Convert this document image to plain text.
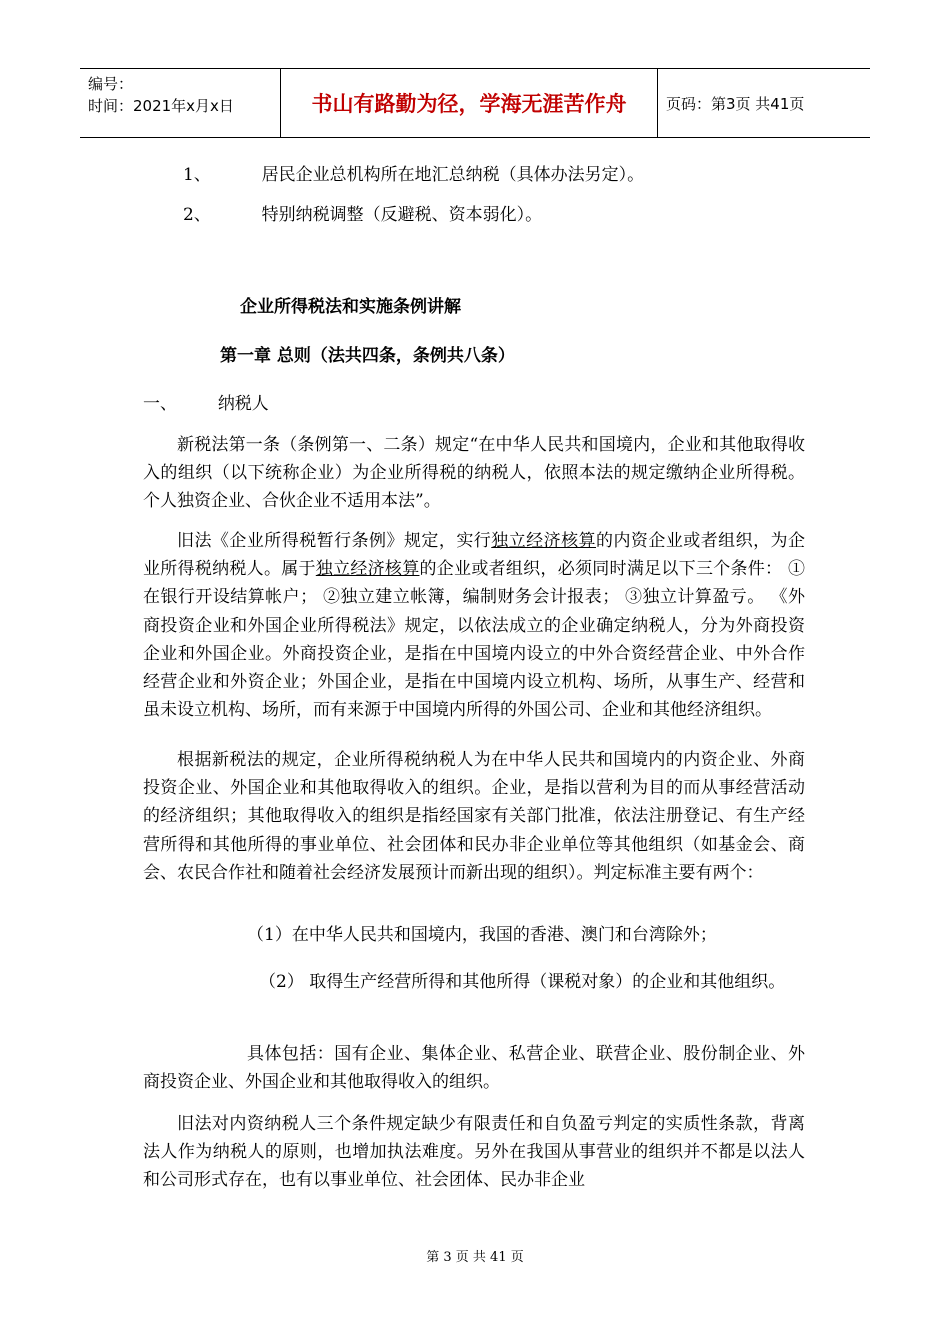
编号：
时间：2021年x月x日	书山有路勤为径，学海无涯苦作舟	页码：第3页 共41页
1、	居民企业总机构所在地汇总纳税（具体办法另定）。
2、	特别纳税调整（反避税、资本弱化）。
企业所得税法和实施条例讲解
第一章 总则（法共四条，条例共八条）
一、 纳税人
新税法第一条（条例第一、二条）规定“在中华人民共和国境内，企业和其他取得收入的组织（以下统称企业）为企业所得税的纳税人，依照本法的规定缴纳企业所得税。个人独资企业、合伙企业不适用本法”。
旧法《企业所得税暂行条例》规定，实行独立经济核算的内资企业或者组织，为企业所得税纳税人。属于独立经济核算的企业或者组织，必须同时满足以下三个条件： ①在银行开设结算帐户； ②独立建立帐簿，编制财务会计报表； ③独立计算盈亏。 《外商投资企业和外国企业所得税法》规定，以依法成立的企业确定纳税人，分为外商投资企业和外国企业。外商投资企业，是指在中国境内设立的中外合资经营企业、中外合作经营企业和外资企业；外国企业，是指在中国境内设立机构、场所，从事生产、经营和虽未设立机构、场所，而有来源于中国境内所得的外国公司、企业和其他经济组织。
根据新税法的规定，企业所得税纳税人为在中华人民共和国境内的内资企业、外商投资企业、外国企业和其他取得收入的组织。企业，是指以营利为目的而从事经营活动的经济组织；其他取得收入的组织是指经国家有关部门批准，依法注册登记、有生产经营所得和其他所得的事业单位、社会团体和民办非企业单位等其他组织（如基金会、商会、农民合作社和随着社会经济发展预计而新出现的组织）。判定标准主要有两个：
（1）在中华人民共和国境内，我国的香港、澳门和台湾除外；
（2） 取得生产经营所得和其他所得（课税对象）的企业和其他组织。
具体包括：国有企业、集体企业、私营企业、联营企业、股份制企业、外商投资企业、外国企业和其他取得收入的组织。
旧法对内资纳税人三个条件规定缺少有限责任和自负盈亏判定的实质性条款，背离法人作为纳税人的原则，也增加执法难度。另外在我国从事营业的组织并不都是以法人和公司形式存在，也有以事业单位、社会团体、民办非企业
第 3 页 共 41 页
